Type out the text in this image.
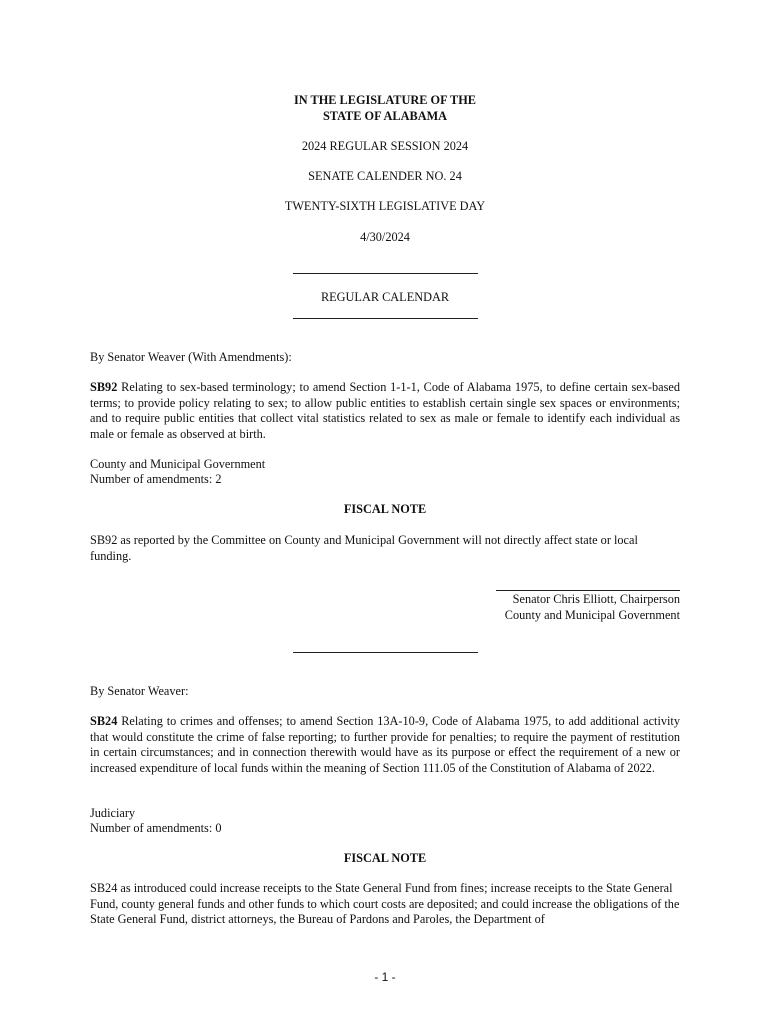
IN THE LEGISLATURE OF THE
STATE OF ALABAMA
2024 REGULAR SESSION 2024
SENATE CALENDER NO. 24
TWENTY-SIXTH LEGISLATIVE DAY
4/30/2024
REGULAR CALENDAR
By Senator Weaver (With Amendments):
SB92 Relating to sex-based terminology; to amend Section 1-1-1, Code of Alabama 1975, to define certain sex-based terms; to provide policy relating to sex; to allow public entities to establish certain single sex spaces or environments; and to require public entities that collect vital statistics related to sex as male or female to identify each individual as male or female as observed at birth.
County and Municipal Government
Number of amendments: 2
FISCAL NOTE
SB92 as reported by the Committee on County and Municipal Government will not directly affect state or local funding.
Senator Chris Elliott, Chairperson
County and Municipal Government
By Senator Weaver:
SB24 Relating to crimes and offenses; to amend Section 13A-10-9, Code of Alabama 1975, to add additional activity that would constitute the crime of false reporting; to further provide for penalties; to require the payment of restitution in certain circumstances; and in connection therewith would have as its purpose or effect the requirement of a new or increased expenditure of local funds within the meaning of Section 111.05 of the Constitution of Alabama of 2022.
Judiciary
Number of amendments: 0
FISCAL NOTE
SB24 as introduced could increase receipts to the State General Fund from fines; increase receipts to the State General Fund, county general funds and other funds to which court costs are deposited; and could increase the obligations of the State General Fund, district attorneys, the Bureau of Pardons and Paroles, the Department of
- 1 -
